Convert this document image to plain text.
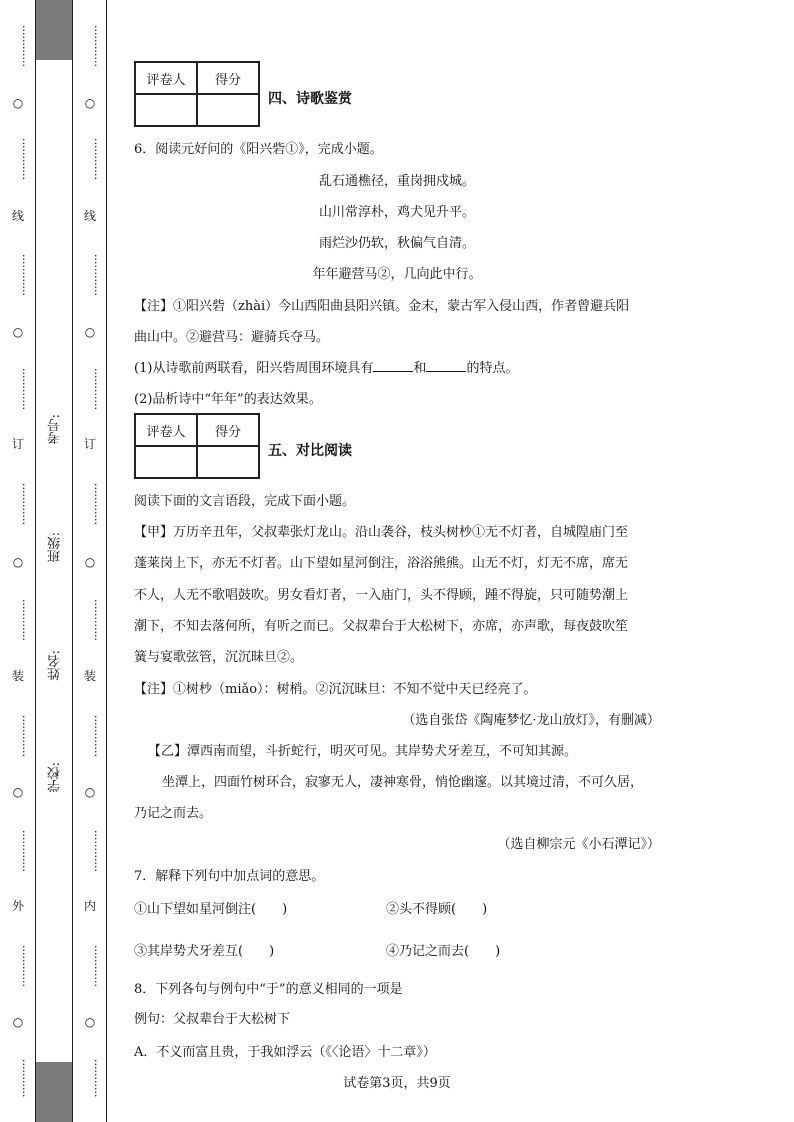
············
○
············
线
············
○
············
订
············
○
············
装
············
○
············
外
············
○
···········
············
○
············
线
············
○
············
订
············
○
············
装
············
○
············
内
············
○
···········
考号:
班级:
姓名:
学校:
评卷人	得分

四、诗歌鉴赏
6．阅读元好问的《阳兴砦①》，完成小题。
乱石通樵径，重岗拥戍城。
山川常淳朴，鸡犬见升平。
雨烂沙仍软，秋偏气自清。
年年避营马②，几向此中行。
【注】①阳兴砦（zhài）今山西阳曲县阳兴镇。金末，蒙古军入侵山西，作者曾避兵阳
曲山中。②避营马：避骑兵夺马。
(1)从诗歌前两联看，阳兴砦周围环境具有	和	的特点。
(2)品析诗中“年年”的表达效果。
评卷人	得分

五、对比阅读
阅读下面的文言语段，完成下面小题。
【甲】万历辛丑年，父叔辈张灯龙山。沿山袭谷，枝头树杪①无不灯者，自城隍庙门至
蓬莱岗上下，亦无不灯者。山下望如星河倒注，浴浴熊熊。山无不灯，灯无不席，席无
不人，人无不歌唱鼓吹。男女看灯者，一入庙门，头不得顾，踵不得旋，只可随势潮上
潮下，不知去落何所，有听之而已。父叔辈台于大松树下，亦席，亦声歌，每夜鼓吹笙
簧与宴歌弦管，沉沉昧旦②。
【注】①树杪（miǎo）：树梢。②沉沉昧旦：不知不觉中天已经亮了。
（选自张岱《陶庵梦忆·龙山放灯》，有删减）
【乙】潭西南而望，斗折蛇行，明灭可见。其岸势犬牙差互，不可知其源。
坐潭上，四面竹树环合，寂寥无人，凄神寒骨，悄怆幽邃。以其境过清，不可久居，
乃记之而去。
（选自柳宗元《小石潭记》）
7．解释下列句中加点词的意思。
①山下望如星河倒注(　　)	②头不得顾(　　)
③其岸势犬牙差互(　　)	④乃记之而去(　　)
8．下列各句与例句中“于”的意义相同的一项是
例句：父叔辈台于大松树下
A．不义而富且贵，于我如浮云（《〈论语〉十二章》）
试卷第3页，共9页
